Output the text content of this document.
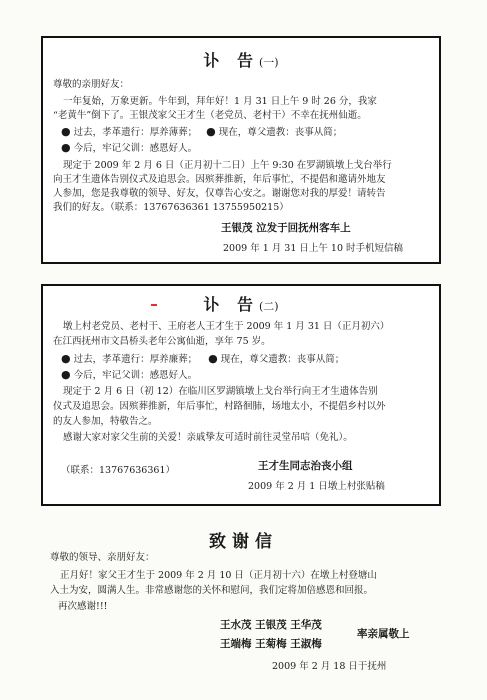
讣 告(一)
尊敬的亲朋好友：
一年复始，万象更新。牛年到，拜年好！1 月 31 日上午 9 时 26 分，我家
“老黄牛”倒下了。王银茂家父王才生（老党员、老村干）不幸在抚州仙逝。
● 过去，孝革遗行：厚养薄葬； ● 现在，尊父遗教：丧事从简；
● 今后，牢记父训：感恩好人。
现定于 2009 年 2 月 6 日（正月初十二日）上午 9:30 在罗湖镇墩上戈台举行
向王才生遗体告别仪式及追思会。因殡葬推新，年后事忙，不提倡和邀请外地友
人参加，您是我尊敬的领导、好友，仅尊告心安之。谢谢您对我的厚爱！请转告
我们的好友。（联系：13767636361 13755950215）
王银茂 泣发于回抚州客车上
2009 年 1 月 31 日上午 10 时手机短信稿
讣 告(二)
墩上村老党员、老村干、王府老人王才生于 2009 年 1 月 31 日（正月初六）
在江西抚州市文昌桥头老年公寓仙逝，享年 75 岁。
● 过去，孝革遗行：厚养廉葬； ● 现在，尊父遗教：丧事从简；
● 今后，牢记父训：感恩好人。
现定于 2 月 6 日（初 12）在临川区罗湖镇墩上戈台举行向王才生遗体告别
仪式及追思会。因殡葬推新，年后事忙，村路徊肺，场地太小，不提倡乡村以外
的友人参加，特敬告之。
感谢大家对家父生前的关爱！亲戚挚友可适时前往灵堂吊唁（免礼）。
（联系：13767636361）	王才生同志治丧小组
2009 年 2 月 1 日墩上村张贴稿
致谢信
尊敬的领导、亲朋好友：
正月好！家父王才生于 2009 年 2 月 10 日（正月初十六）在墩上村登塘山
入土为安，圆满人生。非常感谢您的关怀和慰问，我们定将加倍感恩和回报。
再次感谢!!!
王水茂 王银茂 王华茂
王端梅 王菊梅 王淑梅
率亲属敬上
2009 年 2 月 18 日于抚州
